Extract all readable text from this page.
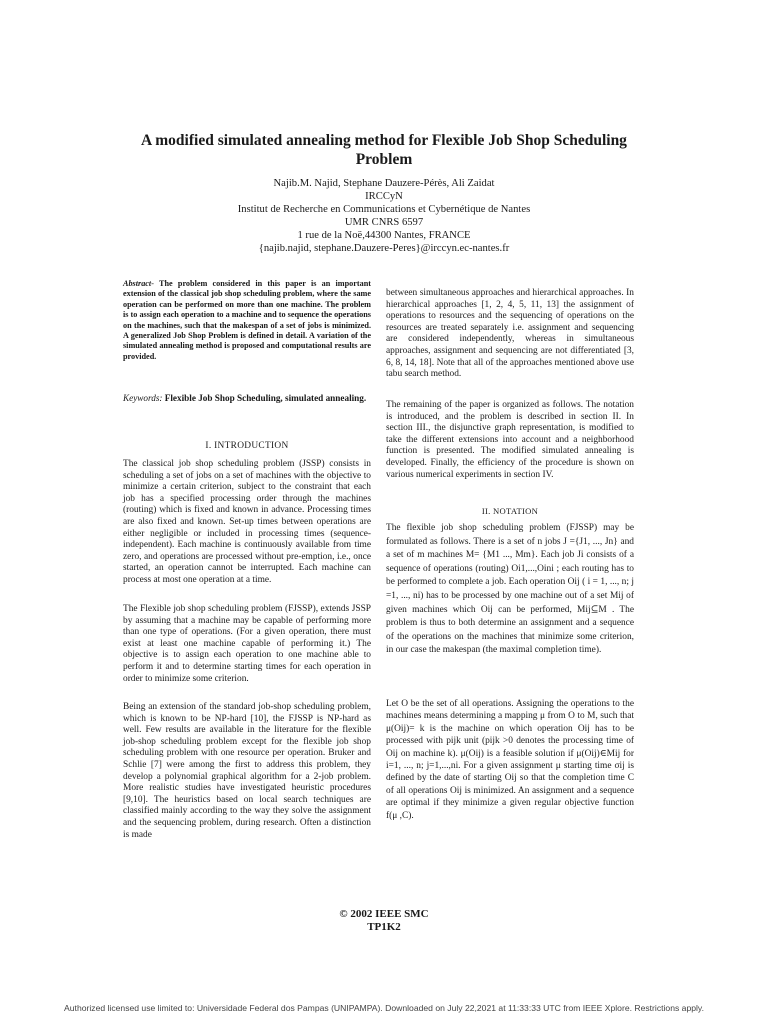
A modified simulated annealing method for Flexible Job Shop Scheduling
Problem
Najib.M. Najid, Stephane Dauzere-Pérès, Ali Zaidat
IRCCyN
Institut de Recherche en Communications et Cybernétique de Nantes
UMR CNRS 6597
1 rue de la Noë,44300 Nantes, FRANCE
{najib.najid, stephane.Dauzere-Peres}@irccyn.ec-nantes.fr

Abstract- The problem considered in this paper is an important extension of the classical job shop scheduling problem, where the same operation can be performed on more than one machine. The problem is to assign each operation to a machine and to sequence the operations on the machines, such that the makespan of a set of jobs is minimized. A generalized Job Shop Problem is defined in detail. A variation of the simulated annealing method is proposed and computational results are provided.

Keywords: Flexible Job Shop Scheduling, simulated annealing.

I. INTRODUCTION

The classical job shop scheduling problem (JSSP) consists in scheduling a set of jobs on a set of machines with the objective to minimize a certain criterion, subject to the constraint that each job has a specified processing order through the machines (routing) which is fixed and known in advance. Processing times are also fixed and known. Set-up times between operations are either negligible or included in processing times (sequence-independent). Each machine is continuously available from time zero, and operations are processed without pre-emption, i.e., once started, an operation cannot be interrupted. Each machine can process at most one operation at a time.

The Flexible job shop scheduling problem (FJSSP), extends JSSP by assuming that a machine may be capable of performing more than one type of operations. (For a given operation, there must exist at least one machine capable of performing it.) The objective is to assign each operation to one machine able to perform it and to determine starting times for each operation in order to minimize some criterion.

Being an extension of the standard job-shop scheduling problem, which is known to be NP-hard [10], the FJSSP is NP-hard as well. Few results are available in the literature for the flexible job-shop scheduling problem except for the flexible job shop scheduling problem with one resource per operation. Bruker and Schlie [7] were among the first to address this problem, they develop a polynomial graphical algorithm for a 2-job problem. More realistic studies have investigated heuristic procedures [9,10]. The heuristics based on local search techniques are classified mainly according to the way they solve the assignment and the sequencing problem, during research. Often a distinction is made

between simultaneous approaches and hierarchical approaches. In hierarchical approaches [1, 2, 4, 5, 11, 13] the assignment of operations to resources and the sequencing of operations on the resources are treated separately i.e. assignment and sequencing are considered independently, whereas in simultaneous approaches, assignment and sequencing are not differentiated [3, 6, 8, 14, 18]. Note that all of the approaches mentioned above use tabu search method.

The remaining of the paper is organized as follows. The notation is introduced, and the problem is described in section II. In section III., the disjunctive graph representation, is modified to take the different extensions into account and a neighborhood function is presented. The modified simulated annealing is developed. Finally, the efficiency of the procedure is shown on various numerical experiments in section IV.

II. NOTATION

The flexible job shop scheduling problem (FJSSP) may be formulated as follows. There is a set of n jobs J ={J1, ..., Jn} and a set of m machines M= {M1 ..., Mm}. Each job Ji consists of a sequence of operations (routing) Oi1,...,Oini ; each routing has to be performed to complete a job. Each operation Oij ( i = 1, ..., n; j =1, ..., ni) has to be processed by one machine out of a set Mij of given machines which Oij can be performed, Mij⊆M . The problem is thus to both determine an assignment and a sequence of the operations on the machines that minimize some criterion, in our case the makespan (the maximal completion time).

Let O be the set of all operations. Assigning the operations to the machines means determining a mapping μ from O to M, such that μ(Oij)= k is the machine on which operation Oij has to be processed with pijk unit (pijk >0 denotes the processing time of Oij on machine k). μ(Oij) is a feasible solution if μ(Oij)∈Mij for i=1, ..., n; j=1,...,ni. For a given assignment μ starting time σij is defined by the date of starting Oij so that the completion time C of all operations Oij is minimized. An assignment and a sequence are optimal if they minimize a given regular objective function f(μ ,C).

© 2002 IEEE SMC
TP1K2
Authorized licensed use limited to: Universidade Federal dos Pampas (UNIPAMPA). Downloaded on July 22,2021 at 11:33:33 UTC from IEEE Xplore. Restrictions apply.
